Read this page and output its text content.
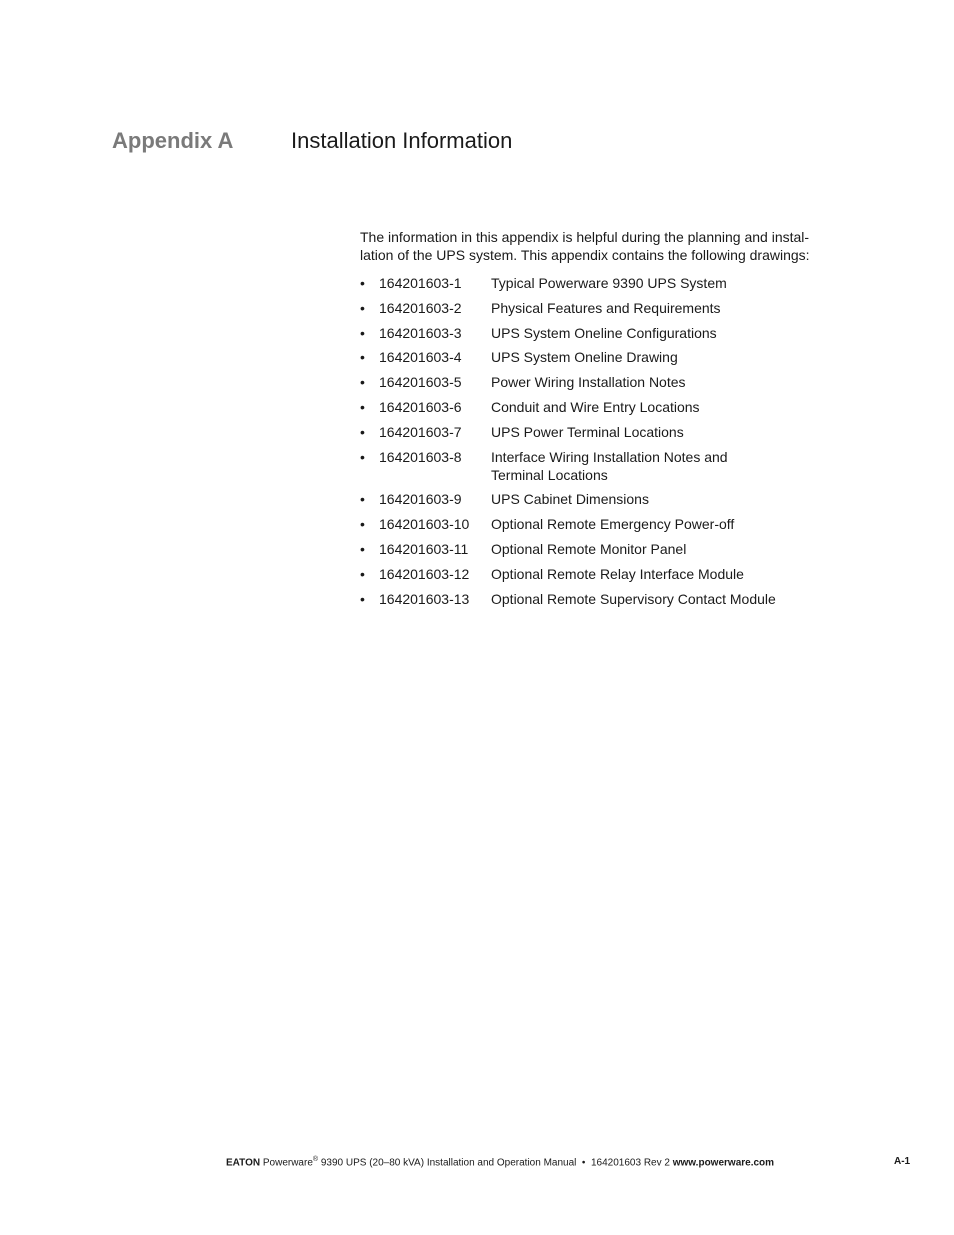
Appendix A	Installation Information

The information in this appendix is helpful during the planning and instal-
lation of the UPS system. This appendix contains the following drawings:

• 164201603-1 Typical Powerware 9390 UPS System
• 164201603-2 Physical Features and Requirements
• 164201603-3 UPS System Oneline Configurations
• 164201603-4 UPS System Oneline Drawing
• 164201603-5 Power Wiring Installation Notes
• 164201603-6 Conduit and Wire Entry Locations
• 164201603-7 UPS Power Terminal Locations
• 164201603-8 Interface Wiring Installation Notes and Terminal Locations
• 164201603-9 UPS Cabinet Dimensions
• 164201603-10 Optional Remote Emergency Power-off
• 164201603-11 Optional Remote Monitor Panel
• 164201603-12 Optional Remote Relay Interface Module
• 164201603-13 Optional Remote Supervisory Contact Module
EATON Powerware® 9390 UPS (20–80 kVA) Installation and Operation Manual  •  164201603 Rev 2 www.powerware.com	A-1
